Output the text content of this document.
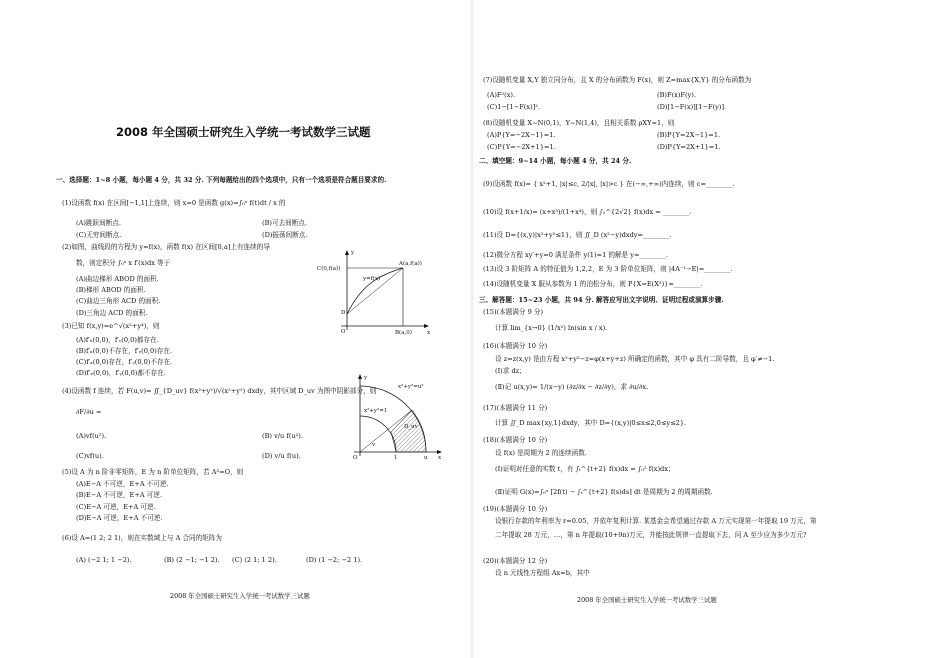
2008 年全国硕士研究生入学统一考试数学三试题
一、选择题：1~8 小题，每小题 4 分，共 32 分. 下列每题给出的四个选项中，只有一个选项是符合题目要求的.
(1)设函数 f(x) 在区间[−1,1]上连续，则 x=0 是函数 g(x)=∫₀ˣ f(t)dt / x 的
(A)跳跃间断点.	(B)可去间断点.
(C)无穷间断点.	(D)振荡间断点.
(2)如图，曲线段的方程为 y=f(x)，函数 f(x) 在区间[0,a]上有连续的导
数，则定积分 ∫₀ᵃ x f′(x)dx 等于
(A)曲边梯形 ABOD 的面积.
(B)梯形 ABOD 的面积.
(C)曲边三角形 ACD 的面积.
(D)三角边 ACD 的面积.
y
C(0,f(a))
A(a,f(a))
y=f(x)
D
O	B(a,0)	x
(3)已知 f(x,y)=e^√(x²+y⁴)，则
(A)f′ₓ(0,0)，f′ᵧ(0,0)都存在.
(B)f′ₓ(0,0)不存在，f′ᵧ(0,0)存在.
(C)f′ₓ(0,0)存在，f′ᵧ(0,0)不存在.
(D)f′ₓ(0,0)，f′ᵧ(0,0)都不存在.
(4)设函数 f 连续，若 F(u,v)= ∬_{D_uv} f(x²+y²)/√(x²+y²) dxdy，其中区域 D_uv 为图中阴影部分，则
∂F/∂u =
(A)vf(u²).	(B) v/u f(u²).
(C)vf(u).	(D) v/u f(u).
y
x²+y²=u²
x²+y²=1
D_uv
v
O	1	u x
(5)设 A 为 n 阶非零矩阵，E 为 n 阶单位矩阵，若 A³=O，则
(A)E−A 不可逆，E+A 不可逆.
(B)E−A 不可逆，E+A 可逆.
(C)E−A 可逆，E+A 可逆.
(D)E−A 可逆，E+A 不可逆.
(6)设 A=(1 2; 2 1)，则在实数域上与 A 合同的矩阵为
(A) (−2 1; 1 −2).	(B) (2 −1; −1 2). (C) (2 1; 1 2).	(D) (1 −2; −2 1).
2008 年全国硕士研究生入学统一考试数学三试题
(7)设随机变量 X,Y 独立同分布，且 X 的分布函数为 F(x)，则 Z=max{X,Y} 的分布函数为
(A)F²(x).	(B)F(x)F(y).
(C)1−[1−F(x)]².	(D)[1−F(x)][1−F(y)].
(8)设随机变量 X~N(0,1)，Y~N(1,4)，且相关系数 ρXY=1，则
(A)P{Y=−2X−1}=1.	(B)P{Y=2X−1}=1.
(C)P{Y=−2X+1}=1.	(D)P{Y=2X+1}=1.
二、填空题：9~14 小题，每小题 4 分，共 24 分.
(9)设函数 f(x)= { x²+1, |x|≤c, 2/|x|, |x|>c } 在(−∞,+∞)内连续，则 c=________.
(10)设 f(x+1/x)= (x+x³)/(1+x⁴)，则 ∫₂^{2√2} f(x)dx = ________.
(11)设 D={(x,y)|x²+y²≤1}，则 ∬_D (x²−y)dxdy=________.
(12)微分方程 xy′+y=0 满足条件 y(1)=1 的解是 y=________.
(13)设 3 阶矩阵 A 的特征值为 1,2,2，E 为 3 阶单位矩阵，则 |4A⁻¹−E|=________.
(14)设随机变量 X 服从参数为 1 的泊松分布，则 P{X=E(X²)}=________.
三、解答题：15~23 小题，共 94 分. 解答应写出文字说明、证明过程或演算步骤.
(15)(本题满分 9 分)
计算 lim_{x→0} (1/x²) ln(sin x / x).
(16)(本题满分 10 分)
设 z=z(x,y) 是由方程 x²+y²−z=φ(x+y+z) 所确定的函数，其中 φ 具有二阶导数，且 φ′≠−1.
(Ⅰ)求 dz；
(Ⅱ)记 u(x,y)= 1/(x−y) (∂z/∂x − ∂z/∂y)，求 ∂u/∂x.
(17)(本题满分 11 分)
计算 ∬_D max{xy,1}dxdy，其中 D={(x,y)|0≤x≤2,0≤y≤2}.
(18)(本题满分 10 分)
设 f(x) 是周期为 2 的连续函数.
(Ⅰ)证明对任意的实数 t，有 ∫ₜ^{t+2} f(x)dx = ∫₀² f(x)dx；
(Ⅱ)证明 G(x)=∫₀ˣ [2f(t) − ∫ₜ^{t+2} f(s)ds] dt 是周期为 2 的周期函数.
(19)(本题满分 10 分)
设银行存款的年利率为 r=0.05，并依年复利计算. 某基金会希望通过存款 A 万元实现第一年提取 19 万元，第
二年提取 28 万元，…，第 n 年提取(10+9n)万元，并能按此规律一直提取下去，问 A 至少应为多少万元?
(20)(本题满分 12 分)
设 n 元线性方程组 Ax=b，其中
2008 年全国硕士研究生入学统一考试数学三试题
